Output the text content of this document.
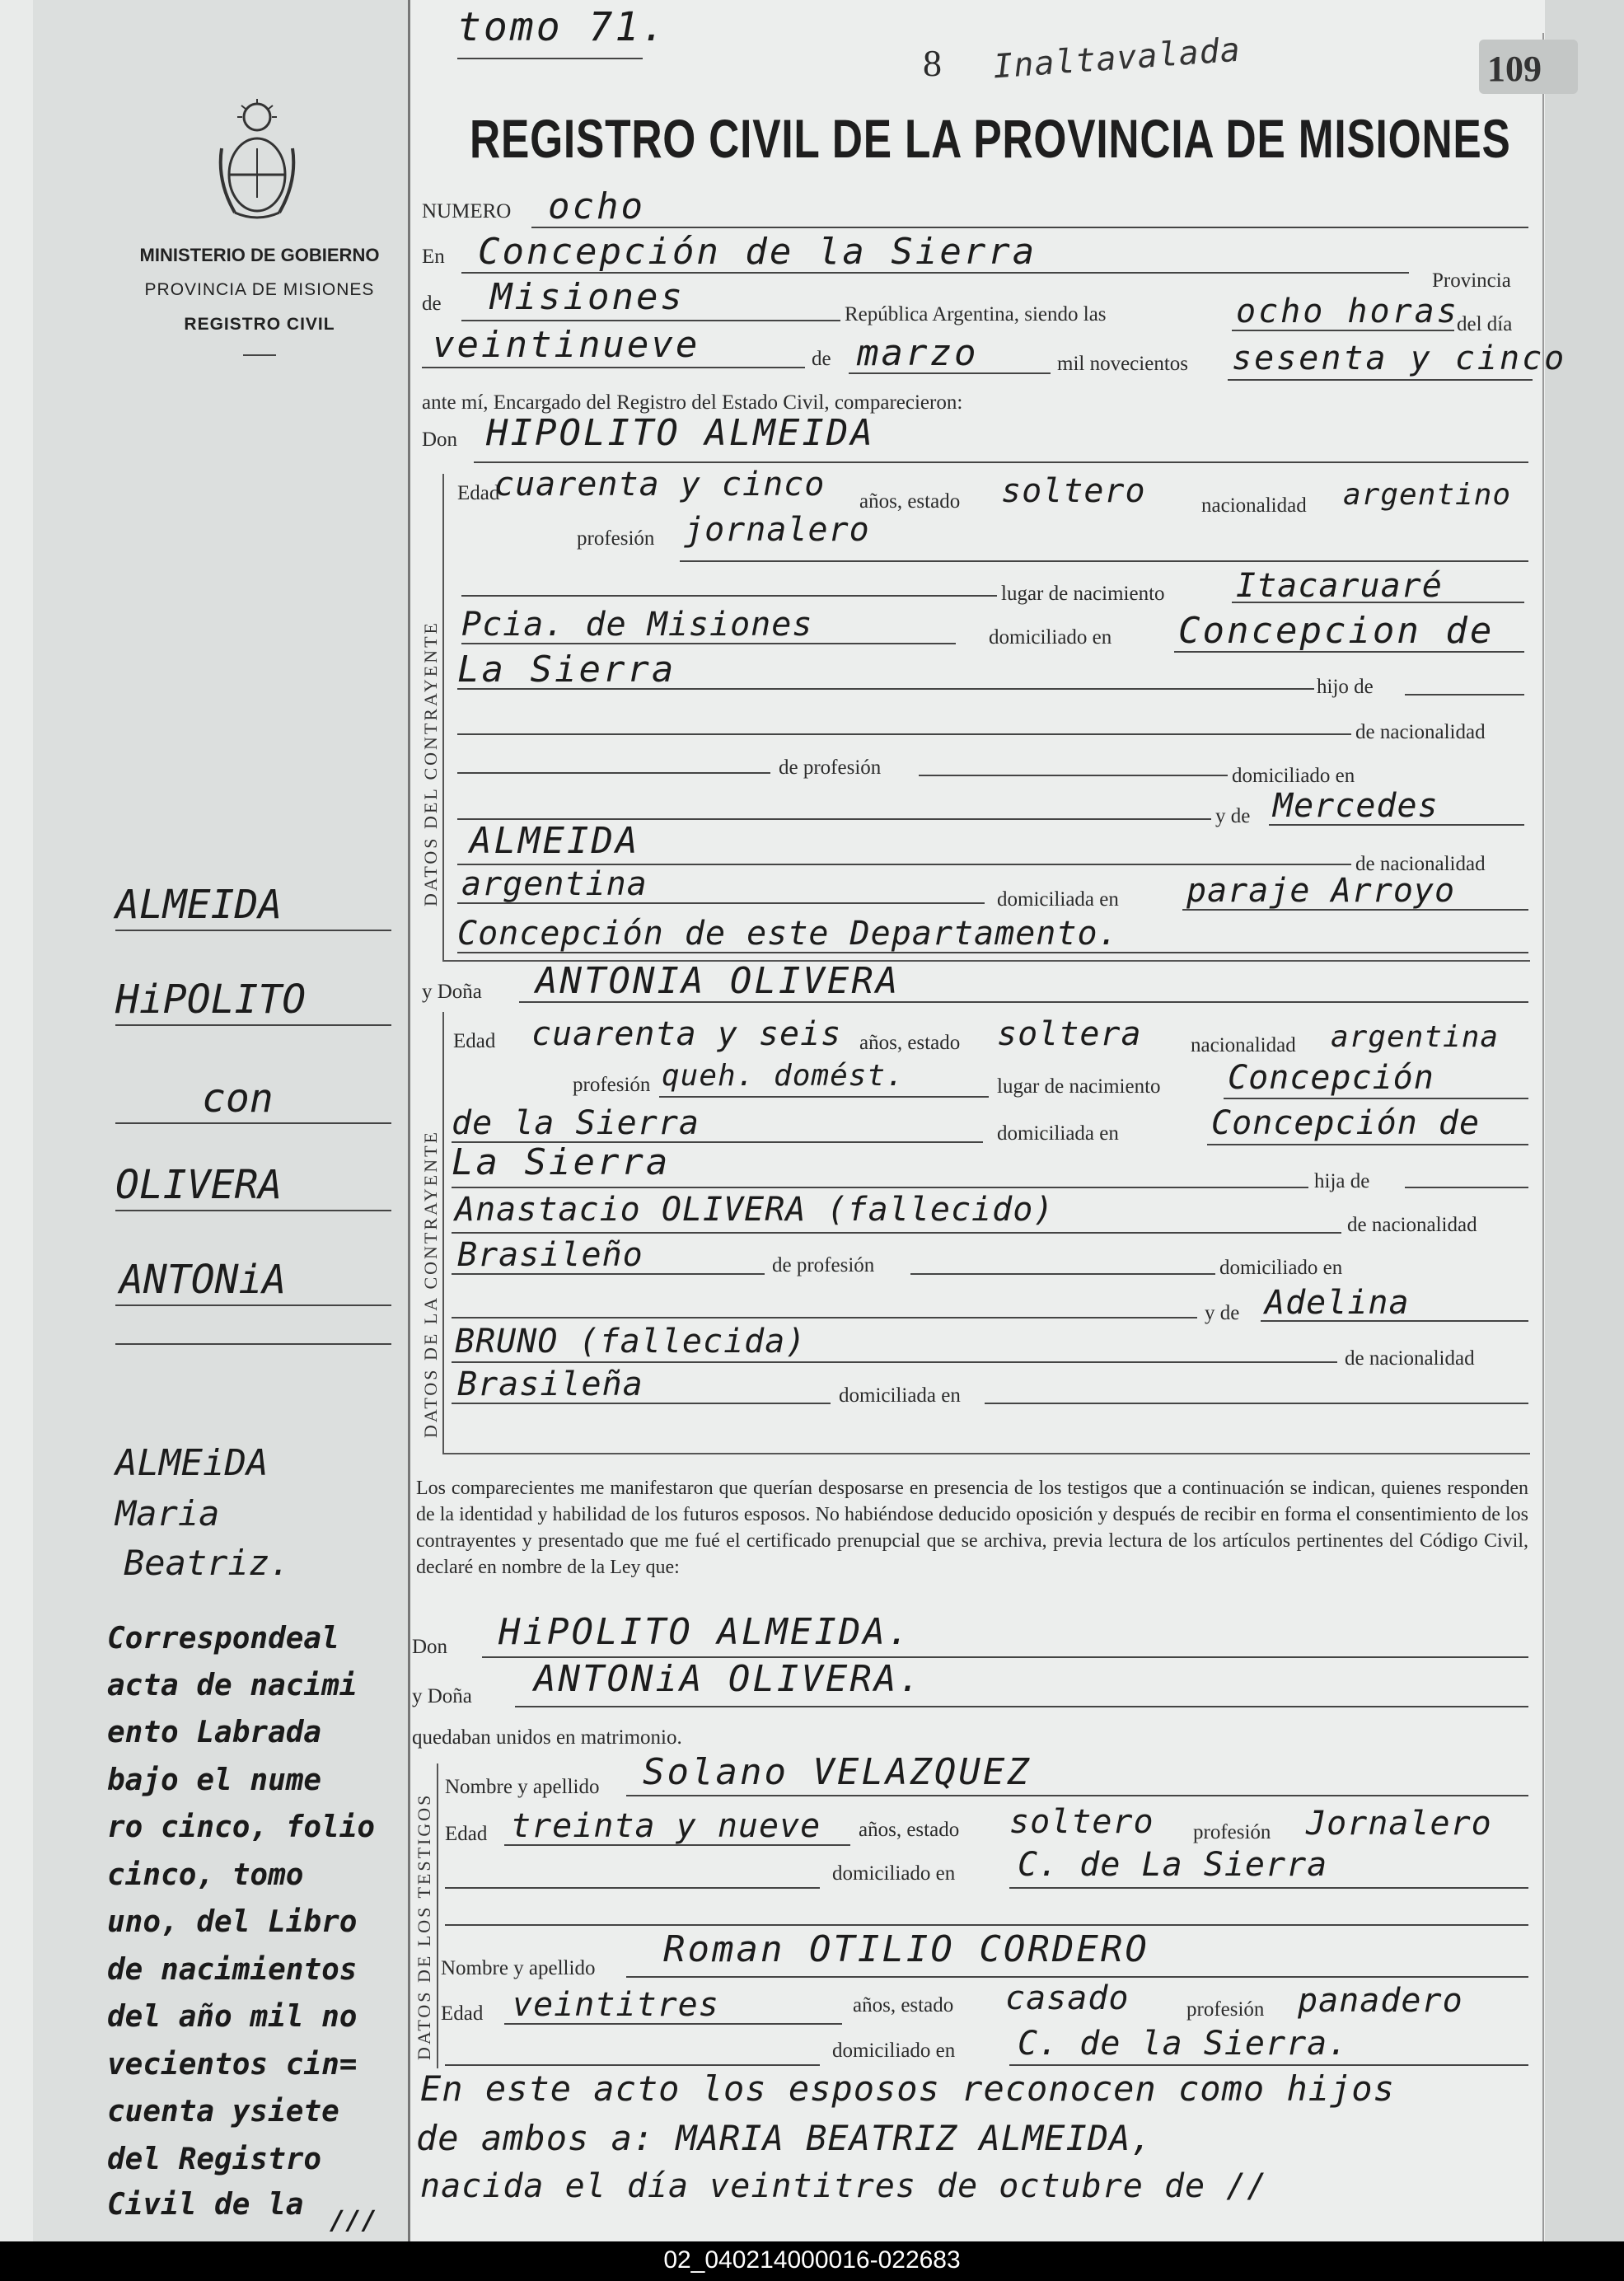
MINISTERIO DE GOBIERNO
PROVINCIA DE MISIONES
REGISTRO CIVIL
ALMEIDA
HiPOLITO
con
OLIVERA
ANTONiA
ALMEiDA
Maria
Beatriz.
Correspondeal
acta de nacimi
ento Labrada
bajo el nume
ro cinco, folio
cinco, tomo
uno, del Libro
de nacimientos
del año mil no
vecientos cin=
cuenta ysiete
del Registro
Civil de la ///
tomo 71.
8 Inaltavalada	109
REGISTRO CIVIL DE LA PROVINCIA DE MISIONES
NUMERO ocho
En Concepción de la Sierra
Provincia
de Misiones	República Argentina, siendo las	ocho horas
del día
veintinueve	de marzo	mil novecientos sesenta y cinco
ante mí, Encargado del Registro del Estado Civil, comparecieron:
Don HIPOLITO ALMEIDA
DATOS DEL CONTRAYENTE
Edad
cuarenta y cinco años, estado soltero	nacionalidad argentino
profesión jornalero
lugar de nacimiento Itacaruaré
Pcia. de Misiones	domiciliado en Concepcion de
La Sierra	hijo de
de nacionalidad
de profesión	domiciliado en
y de Mercedes
ALMEIDA
de nacionalidad
argentina	domiciliada en paraje Arroyo
Concepción de este Departamento.
y Doña ANTONIA OLIVERA
DATOS DE LA CONTRAYENTE
Edad cuarenta y seis años, estado soltera nacionalidad argentina
profesión queh. domést.	lugar de nacimiento Concepción
de la Sierra	domiciliada en	Concepción de
La Sierra	hija de
Anastacio OLIVERA (fallecido)	de nacionalidad
Brasileño	de profesión	domiciliado en
y de Adelina
BRUNO (fallecida)	de nacionalidad
Brasileña	domiciliada en
Los comparecientes me manifestaron que querían desposarse en presencia de los testigos que a continuación se indican, quienes responden de la identidad y habilidad de los futuros esposos. No habiéndose deducido oposición y después de recibir en forma el consentimiento de los contrayentes y presentado que me fué el certificado prenupcial que se archiva, previa lectura de los artículos pertinentes del Código Civil, declaré en nombre de la Ley que:
Don HiPOLITO ALMEIDA.
y Doña ANTONiA OLIVERA.
quedaban unidos en matrimonio.
DATOS DE LOS TESTIGOS
Nombre y apellido Solano VELAZQUEZ
Edad treinta y nueve años, estado soltero profesión Jornalero
domiciliado en C. de La Sierra
Nombre y apellido Roman OTILIO CORDERO
Edad veintitres	años, estado casado	profesión panadero
domiciliado en C. de la Sierra.
En este acto los esposos reconocen como hijos
de ambos a: MARIA BEATRIZ ALMEIDA,
nacida el día veintitres de octubre de //
02_040214000016-022683
